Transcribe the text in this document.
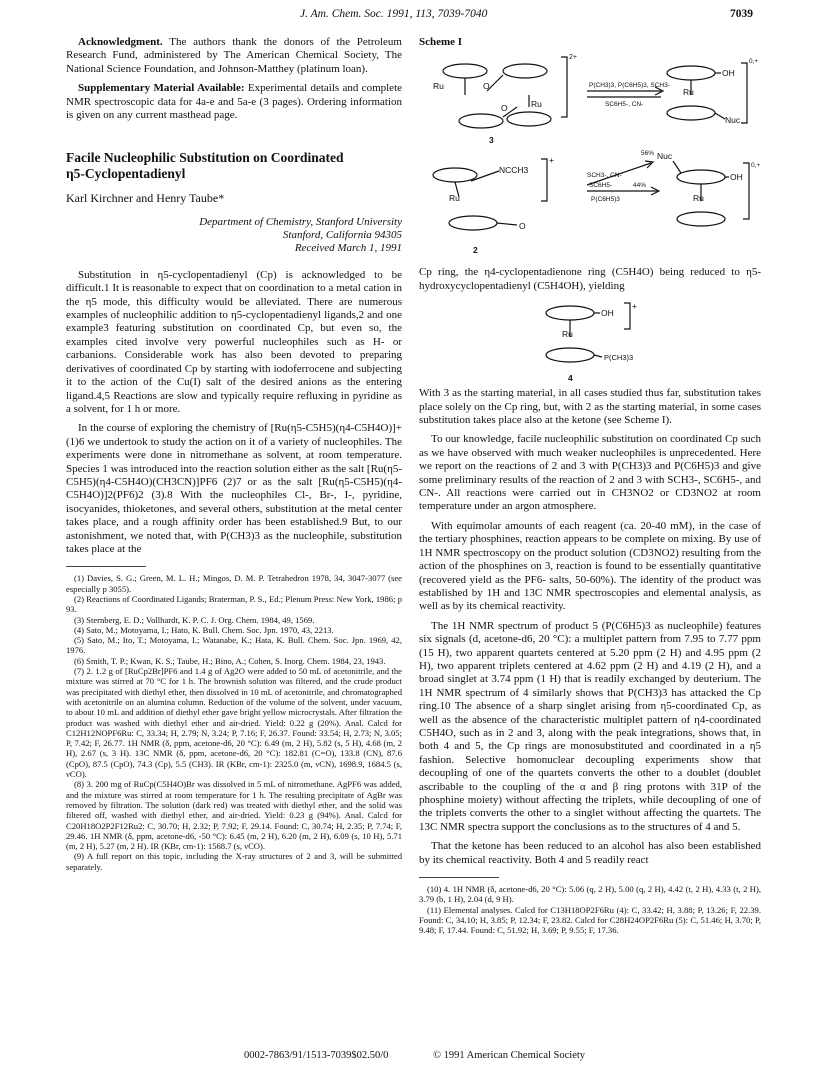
J. Am. Chem. Soc. 1991, 113, 7039-7040	7039

Acknowledgment. The authors thank the donors of the Petroleum Research Fund, administered by The American Chemical Society, The National Science Foundation, and Johnson-Matthey (platinum loan).

Supplementary Material Available: Experimental details and complete NMR spectroscopic data for 4a-e and 5a-e (3 pages). Ordering information is given on any current masthead page.

Facile Nucleophilic Substitution on Coordinated
η5-Cyclopentadienyl
Karl Kirchner and Henry Taube*
Department of Chemistry, Stanford University
Stanford, California 94305
Received March 1, 1991

Substitution in η5-cyclopentadienyl (Cp) is acknowledged to be difficult.1 It is reasonable to expect that on coordination to a metal cation in the η5 mode, this difficulty would be alleviated. There are numerous examples of nucleophilic addition to η5-cyclopentadienyl ligands,2 and one example3 featuring substitution on coordinated Cp, but even so, the examples cited involve very powerful nucleophiles such as H- or carbanions. Considerable work has also been devoted to preparing derivatives of coordinated Cp by starting with iodoferrocene and subjecting it to the action of the Cu(I) salt of the desired anions as the entering ligand.4,5 Reactions are slow and typically require refluxing in pyridine as a solvent, for 1 h or more.

In the course of exploring the chemistry of [Ru(η5-C5H5)(η4-C5H4O)]+ (1)6 we undertook to study the action on it of a variety of nucleophiles. The experiments were done in nitromethane as solvent, at room temperature. Species 1 was introduced into the reaction solution either as the salt [Ru(η5-C5H5)(η4-C5H4O)(CH3CN)]PF6 (2)7 or as the salt [Ru(η5-C5H5)(η4-C5H4O)]2(PF6)2 (3).8 With the nucleophiles Cl-, Br-, I-, pyridine, isocyanides, thioketones, and several others, substitution at the metal center takes place, and a rough affinity order has been established.9 But, to our astonishment, we noted that, with P(CH3)3 as the nucleophile, substitution takes place at the

(1) Davies, S. G.; Green, M. L. H.; Mingos, D. M. P. Tetrahedron 1978, 34, 3047-3077 (see especially p 3055).

(2) Reactions of Coordinated Ligands; Braterman, P. S., Ed.; Plenum Press: New York, 1986; p 93.

(3) Sternberg, E. D.; Vollhardt, K. P. C. J. Org. Chem. 1984, 49, 1569.

(4) Sato, M.; Motoyama, I.; Hato, K. Bull. Chem. Soc. Jpn. 1970, 43, 2213.

(5) Sato, M.; Ito, T.; Motoyama, I.; Watanabe, K.; Hata, K. Bull. Chem. Soc. Jpn. 1969, 42, 1976.

(6) Smith, T. P.; Kwan, K. S.; Taube, H.; Bino, A.; Cohen, S. Inorg. Chem. 1984, 23, 1943.

(7) 2. 1.2 g of [RuCp2Br]PF6 and 1.4 g of Ag2O were added to 50 mL of acetonitrile, and the mixture was stirred at 70 °C for 1 h. The brownish solution was filtered, and the crude product was precipitated with diethyl ether, then dissolved in 10 mL of acetonitrile, and chromatographed with acetonitrile on an alumina column. Reduction of the volume of the solvent, under vacuum, to about 10 mL and addition of diethyl ether gave bright yellow microcrystals. After filtration the product was washed with diethyl ether and air-dried. Yield: 0.22 g (20%). Anal. Calcd for C12H12NOPF6Ru: C, 33.34; H, 2.79; N, 3.24; P, 7.16; F, 26.37. Found: 33.54; H, 2.73; N, 3.05; P, 7.42; F, 26.77. 1H NMR (δ, ppm, acetone-d6, 20 °C): 6.49 (m, 2 H), 5.82 (s, 5 H), 4.68 (m, 2 H), 2.67 (s, 3 H). 13C NMR (δ, ppm, acetone-d6, 20 °C): 182.81 (C=O), 133.8 (CN), 87.6 (CpO), 87.5 (CpO), 74.3 (Cp), 5.5 (CH3). IR (KBr, cm-1): 2325.0 (m, νCN), 1698.9, 1684.5 (s, νCO).

(8) 3. 200 mg of RuCp(C5H4O)Br was dissolved in 5 mL of nitromethane. AgPF6 was added, and the mixture was stirred at room temperature for 1 h. The resulting precipitate of AgBr was removed by filtration. The solution (dark red) was treated with diethyl ether, and the solid was filtered off, washed with diethyl ether, and air-dried. Yield: 0.23 g (94%). Anal. Calcd for C20H18O2P2F12Ru2: C, 30.70; H, 2.32; P, 7.92; F, 29.14. Found: C, 30.74; H, 2.35; P, 7.74; F, 29.46. 1H NMR (δ, ppm, acetone-d6, -50 °C): 6.45 (m, 2 H), 6.20 (m, 2 H), 6.09 (s, 10 H), 5.71 (m, 2 H), 5.27 (m, 2 H). IR (KBr, cm-1): 1568.7 (s, νCO).

(9) A full report on this topic, including the X-ray structures of 2 and 3, will be submitted separately.

Scheme I
Ru	O
O	Ru
2+
3
P(CH3)3, P(C6H5)3, SCH3-
SC6H5-, CN-
OH
Ru
Nuc
0,+
NCCH3
Ru
O
+
2
SCH3-, CN-
SC6H5-
P(C6H5)3
56%
44%
Nuc
OH
Ru
0,+

Cp ring, the η4-cyclopentadienone ring (C5H4O) being reduced to η5-hydroxycyclopentadienyl (C5H4OH), yielding

OH
+
Ru
P(CH3)3
4

With 3 as the starting material, in all cases studied thus far, substitution takes place solely on the Cp ring, but, with 2 as the starting material, in some cases substitution takes place also at the ketone (see Scheme I).

To our knowledge, facile nucleophilic substitution on coordinated Cp such as we have observed with much weaker nucleophiles is unprecedented. Here we report on the reactions of 2 and 3 with P(CH3)3 and P(C6H5)3 and give some preliminary results of the reaction of 2 and 3 with SCH3-, SC6H5-, and CN-. All reactions were carried out in CH3NO2 or CD3NO2 at room temperature under an argon atmosphere.

With equimolar amounts of each reagent (ca. 20-40 mM), in the case of the tertiary phosphines, reaction appears to be complete on mixing. By use of 1H NMR spectroscopy on the product solution (CD3NO2) resulting from the action of the phosphines on 3, reaction is found to be essentially quantitative (recovered yield as the PF6- salts, 50-60%). The identity of the product was established by 1H and 13C NMR spectroscopies and elemental analysis, as well as by its chemical reactivity.

The 1H NMR spectrum of product 5 (P(C6H5)3 as nucleophile) features six signals (d, acetone-d6, 20 °C): a multiplet pattern from 7.95 to 7.77 ppm (15 H), two apparent quartets centered at 5.20 ppm (2 H) and 4.95 ppm (2 H), two apparent triplets centered at 4.62 ppm (2 H) and 4.19 (2 H), and a broad singlet at 3.74 ppm (1 H) that is readily exchanged by deuterium. The 1H NMR spectrum of 4 similarly shows that P(CH3)3 has attacked the Cp ring.10 The absence of a sharp singlet arising from η5-coordinated Cp, as well as the absence of the characteristic multiplet pattern of η4-coordinated C5H4O, such as in 2 and 3, along with the peak integrations, shows that, in both 4 and 5, the Cp rings are monosubstituted and coordinated in a η5 fashion. Selective homonuclear decoupling experiments show that decoupling of one of the quartets converts the other to a doublet (doublet ascribable to the coupling of the α and β ring protons with 31P of the phosphine moiety) without affecting the triplets, while decoupling of one of the triplets converts the other to a singlet without affecting the quartets. The 13C NMR spectra support the conclusions as to the structures of 4 and 5.

That the ketone has been reduced to an alcohol has also been established by its chemical reactivity. Both 4 and 5 readily react

(10) 4. 1H NMR (δ, acetone-d6, 20 °C): 5.06 (q, 2 H), 5.00 (q, 2 H), 4.42 (t, 2 H), 4.33 (t, 2 H), 3.79 (b, 1 H), 2.04 (d, 9 H).

(11) Elemental analyses. Calcd for C13H18OP2F6Ru (4): C, 33.42; H, 3.88; P, 13.26; F, 22.39. Found: C, 34.10; H, 3.85; P, 12.34; F, 23.82. Calcd for C28H24OP2F6Ru (5): C, 51.46; H, 3.70; P, 9.48; F, 17.44. Found: C, 51.92; H, 3.69; P, 9.55; F, 17.36.

0002-7863/91/1513-7039$02.50/0	© 1991 American Chemical Society
